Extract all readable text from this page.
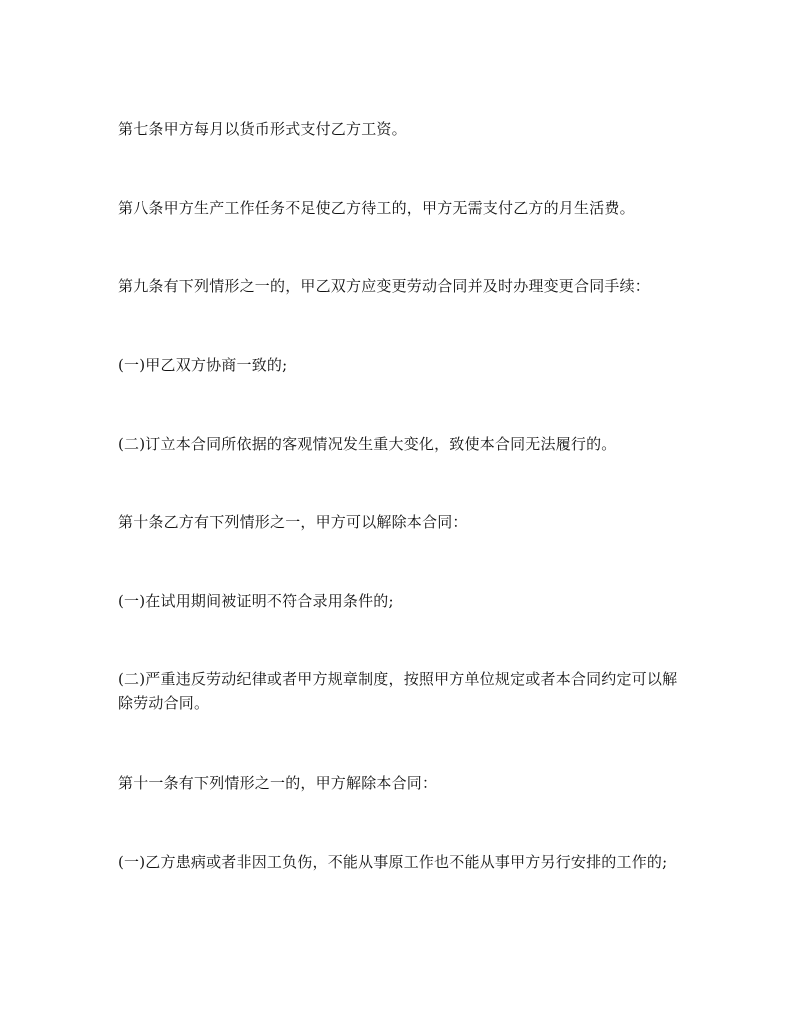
第七条甲方每月以货币形式支付乙方工资。
第八条甲方生产工作任务不足使乙方待工的，甲方无需支付乙方的月生活费。
第九条有下列情形之一的，甲乙双方应变更劳动合同并及时办理变更合同手续：
(一)甲乙双方协商一致的;
(二)订立本合同所依据的客观情况发生重大变化，致使本合同无法履行的。
第十条乙方有下列情形之一，甲方可以解除本合同：
(一)在试用期间被证明不符合录用条件的;
(二)严重违反劳动纪律或者甲方规章制度，按照甲方单位规定或者本合同约定可以解除劳动合同。
第十一条有下列情形之一的，甲方解除本合同：
(一)乙方患病或者非因工负伤，不能从事原工作也不能从事甲方另行安排的工作的;
